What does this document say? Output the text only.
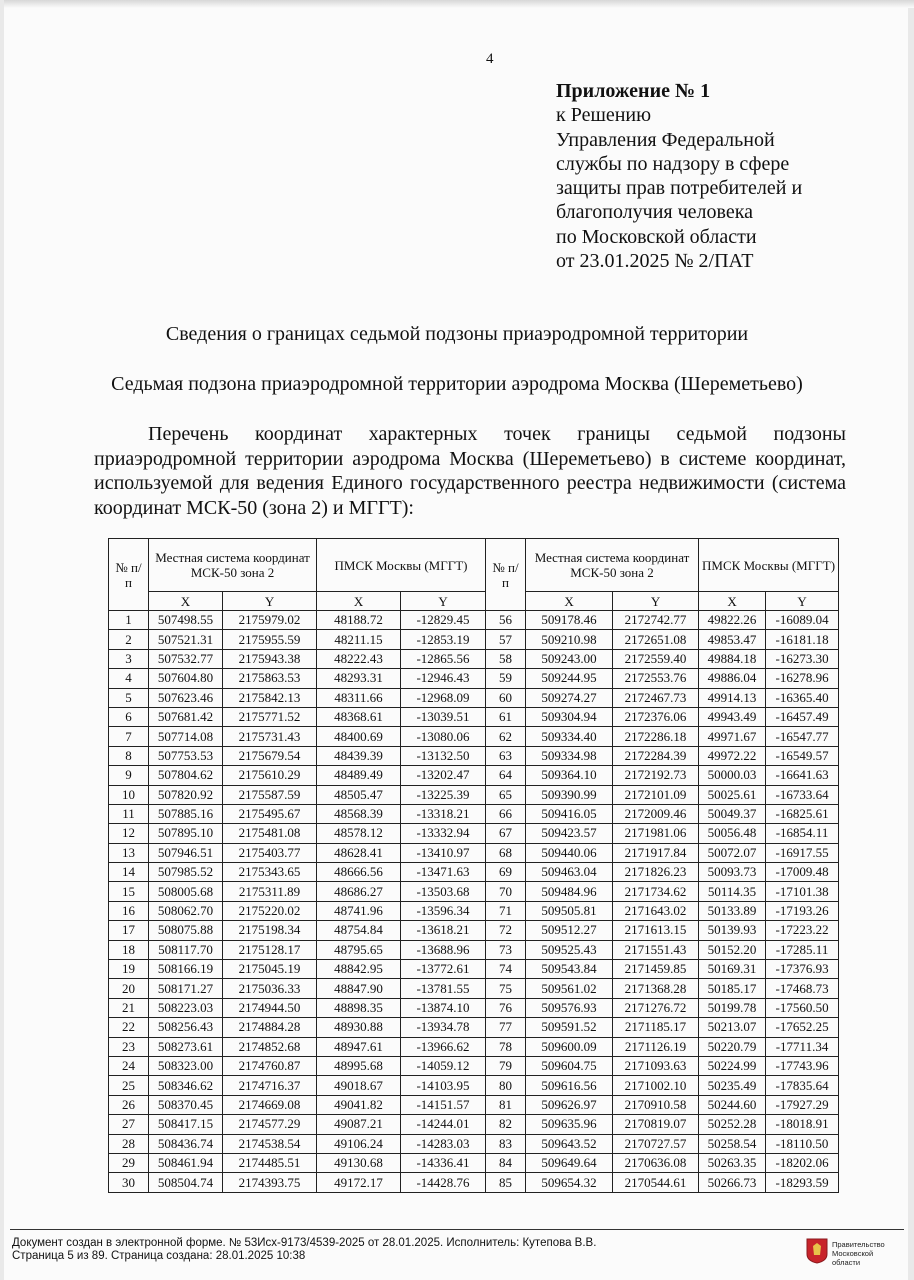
4
Приложение № 1
к Решению
Управления Федеральной
службы по надзору в сфере
защиты прав потребителей и
благополучия человека
по Московской области
от 23.01.2025 № 2/ПАТ
Сведения о границах седьмой подзоны приаэродромной территории
Седьмая подзона приаэродромной территории аэродрома Москва (Шереметьево)
Перечень координат характерных точек границы седьмой подзоны приаэродромной территории аэродрома Москва (Шереметьево) в системе координат, используемой для ведения Единого государственного реестра недвижимости (система координат МСК-50 (зона 2) и МГГТ):
№ п/п	Местная система координат МСК-50 зона 2		ПМСК Москвы (МГГТ)		№ п/п	Местная система координат МСК-50 зона 2		ПМСК Москвы (МГГТ)	
	X	Y	X	Y		X	Y	X	Y
1	507498.55	2175979.02	48188.72	-12829.45	56	509178.46	2172742.77	49822.26	-16089.04
2	507521.31	2175955.59	48211.15	-12853.19	57	509210.98	2172651.08	49853.47	-16181.18
3	507532.77	2175943.38	48222.43	-12865.56	58	509243.00	2172559.40	49884.18	-16273.30
4	507604.80	2175863.53	48293.31	-12946.43	59	509244.95	2172553.76	49886.04	-16278.96
5	507623.46	2175842.13	48311.66	-12968.09	60	509274.27	2172467.73	49914.13	-16365.40
6	507681.42	2175771.52	48368.61	-13039.51	61	509304.94	2172376.06	49943.49	-16457.49
7	507714.08	2175731.43	48400.69	-13080.06	62	509334.40	2172286.18	49971.67	-16547.77
8	507753.53	2175679.54	48439.39	-13132.50	63	509334.98	2172284.39	49972.22	-16549.57
9	507804.62	2175610.29	48489.49	-13202.47	64	509364.10	2172192.73	50000.03	-16641.63
10	507820.92	2175587.59	48505.47	-13225.39	65	509390.99	2172101.09	50025.61	-16733.64
11	507885.16	2175495.67	48568.39	-13318.21	66	509416.05	2172009.46	50049.37	-16825.61
12	507895.10	2175481.08	48578.12	-13332.94	67	509423.57	2171981.06	50056.48	-16854.11
13	507946.51	2175403.77	48628.41	-13410.97	68	509440.06	2171917.84	50072.07	-16917.55
14	507985.52	2175343.65	48666.56	-13471.63	69	509463.04	2171826.23	50093.73	-17009.48
15	508005.68	2175311.89	48686.27	-13503.68	70	509484.96	2171734.62	50114.35	-17101.38
16	508062.70	2175220.02	48741.96	-13596.34	71	509505.81	2171643.02	50133.89	-17193.26
17	508075.88	2175198.34	48754.84	-13618.21	72	509512.27	2171613.15	50139.93	-17223.22
18	508117.70	2175128.17	48795.65	-13688.96	73	509525.43	2171551.43	50152.20	-17285.11
19	508166.19	2175045.19	48842.95	-13772.61	74	509543.84	2171459.85	50169.31	-17376.93
20	508171.27	2175036.33	48847.90	-13781.55	75	509561.02	2171368.28	50185.17	-17468.73
21	508223.03	2174944.50	48898.35	-13874.10	76	509576.93	2171276.72	50199.78	-17560.50
22	508256.43	2174884.28	48930.88	-13934.78	77	509591.52	2171185.17	50213.07	-17652.25
23	508273.61	2174852.68	48947.61	-13966.62	78	509600.09	2171126.19	50220.79	-17711.34
24	508323.00	2174760.87	48995.68	-14059.12	79	509604.75	2171093.63	50224.99	-17743.96
25	508346.62	2174716.37	49018.67	-14103.95	80	509616.56	2171002.10	50235.49	-17835.64
26	508370.45	2174669.08	49041.82	-14151.57	81	509626.97	2170910.58	50244.60	-17927.29
27	508417.15	2174577.29	49087.21	-14244.01	82	509635.96	2170819.07	50252.28	-18018.91
28	508436.74	2174538.54	49106.24	-14283.03	83	509643.52	2170727.57	50258.54	-18110.50
29	508461.94	2174485.51	49130.68	-14336.41	84	509649.64	2170636.08	50263.35	-18202.06
30	508504.74	2174393.75	49172.17	-14428.76	85	509654.32	2170544.61	50266.73	-18293.59
Документ создан в электронной форме. № 53Исх-9173/4539-2025 от 28.01.2025. Исполнитель: Кутепова В.В.
Страница 5 из 89. Страница создана: 28.01.2025 10:38
Правительство Московской области
